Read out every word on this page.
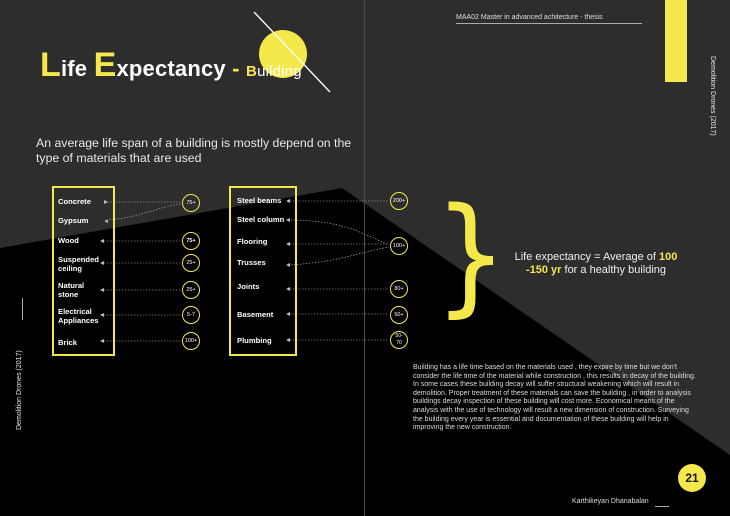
Life Expectancy - Building
An average life span of a building is mostly depend on the type of materials that are used
MAA02 Master in advanced achitecture - thesis
02	Demolition Drones (2017)
Demolition Drones (2017)
Concrete
Gypsum
Wood
Suspended ceiling
Natural stone
Electrical Appliances
Brick
75+
75+
25+
25+
5-7
100+
Steel beams
Steel column
Flooring
Trusses
Joints
Basement
Plumbing
200+
100+
80+
50+
50-70
} Life expectancy = Average of 100 -150 yr for a healthy building
Building has a life time based on the materials used , they expire by time but we don't consider the life time of the material while construction , this results in decay of the building. In some cases these building decay will suffer structural weakening which will result in demolition. Proper treatment of these materials can save the building , in order to analysis buildings decay inspection of these building will cost more. Economical means of the analysis with the use of technology will result a new dimension of construction. Surveying the building every year is essential and documentation of these building will help in improving the new construction.
21
Karthikeyan Dhanabalan
